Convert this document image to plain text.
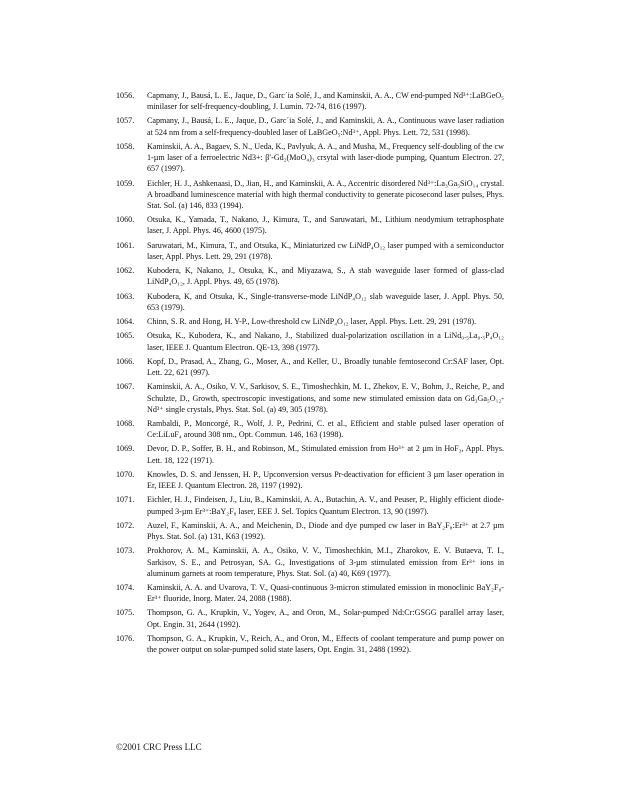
1056.	Capmany, J., Bausá, L. E., Jaque, D., Garc´ia Solé, J., and Kaminskii, A. A., CW end-pumped Nd³⁺:LaBGeO₅ minilaser for self-frequency-doubling, J. Lumin. 72-74, 816 (1997).
1057.	Capmany, J., Bausá, L. E., Jaque, D., Garc´ia Solé, J., and Kaminskii, A. A., Continuous wave laser radiation at 524 nm from a self-frequency-doubled laser of LaBGeO₅:Nd³⁺, Appl. Phys. Lett. 72, 531 (1998).
1058.	Kaminskii, A. A., Bagaev, S. N., Ueda, K., Pavlyuk, A. A., and Musha, M., Frequency self-doubling of the cw 1-µm laser of a ferroelectric Nd3+: β′-Gd₂(MoO₄)₃ crsytal with laser-diode pumping, Quantum Electron. 27, 657 (1997).
1059.	Eichler, H. J., Ashkenaasi, D., Jian, H., and Kaminskii, A. A., Accentric disordered Nd³⁺:La₃Ga₅SiO₁₄ crystal. A broadband luminescence material with high thermal conductivity to generate picosecond laser pulses, Phys. Stat. Sol. (a) 146, 833 (1994).
1060.	Otsuka, K., Yamada, T., Nakano, J., Kimura, T., and Saruwatari, M., Lithium neodymium tetraphosphate laser, J. Appl. Phys. 46, 4600 (1975).
1061.	Saruwatari, M., Kimura, T., and Otsuka, K., Miniaturized cw LiNdP₄O₁₂ laser pumped with a semiconductor laser, Appl. Phys. Lett. 29, 291 (1978).
1062.	Kubodera, K, Nakano, J., Otsuka, K., and Miyazawa, S., A stab waveguide laser formed of glass-clad LiNdP₄O₁₂, J. Appl. Phys. 49, 65 (1978).
1063.	Kubodera, K, and Otsuka, K., Single-transverse-mode LiNdP₄O₁₂ slab waveguide laser, J. Appl. Phys. 50, 653 (1979).
1064.	Chinn, S. R. and Hong, H. Y-P., Low-threshold cw LiNdP₄O₁₂ laser, Appl. Phys. Lett. 29, 291 (1978).
1065.	Otsuka, K., Kubodera, K., and Nakano, J., Stabilized dual-polarization oscillation in a LiNd₀.₅La₀.₅P₄O₁₂ laser, IEEE J. Quantum Electron. QE-13, 398 (1977).
1066.	Kopf, D., Prasad, A., Zhang, G., Moser, A., and Keller, U., Broadly tunable femtosecond Cr:SAF laser, Opt. Lett. 22, 621 (997).
1067.	Kaminskii, A. A., Osiko, V. V., Sarkisov, S. E., Timoshechkin, M. I., Zhekov, E. V., Bohm, J., Reiche, P., and Schulzte, D., Growth, spectroscopic investigations, and some new stimulated emission data on Gd₃Ga₅O₁₂-Nd³⁺ single crystals, Phys. Stat. Sol. (a) 49, 305 (1978).
1068.	Rambaldi, P., Moncorgé, R., Wolf, J. P., Pedrini, C. et al., Efficient and stable pulsed laser operation of Ce:LiLuF₄ around 308 nm., Opt. Commun. 146, 163 (1998).
1069.	Devor, D. P., Soffer, B. H., and Robinson, M., Stimulated emission from Ho³⁺ at 2 µm in HoF₃, Appl. Phys. Lett. 18, 122 (1971).
1070.	Knowles, D. S. and Jenssen, H. P., Upconversion versus Pr-deactivation for efficient 3 µm laser operation in Er, IEEE J. Quantum Electron. 28, 1197 (1992).
1071.	Eichler, H. J., Findeisen, J., Liu, B., Kaminskii, A. A., Butachin, A. V., and Peuser, P., Highly efficient diode-pumped 3-µm Er³⁺:BaY₂F₈ laser, EEE J. Sel. Topics Quantum Electron. 13, 90 (1997).
1072.	Auzel, F., Kaminskii, A. A., and Meichenin, D., Diode and dye pumped cw laser in BaY₂F₈:Er³⁺ at 2.7 µm Phys. Stat. Sol. (a) 131, K63 (1992).
1073.	Prokhorov, A. M., Kaminskii, A. A., Osiko, V. V., Timoshechkin, M.I., Zharokov, E. V. Butaeva, T. I., Sarkisov, S. E., and Petrosyan, SA. G., Investigations of 3-µm stimulated emission from Er³⁺ ions in aluminum garnets at room temperature, Phys. Stat. Sol. (a) 40, K69 (1977).
1074.	Kaminskii, A. A. and Uvarova, T. V., Quasi-continuous 3-micron stimulated emission in monoclinic BaY₂F₈-Er³⁺ fluoride, Inorg. Mater. 24, 2088 (1988).
1075.	Thompson, G. A., Krupkin, V., Yogev, A., and Oron, M., Solar-pumped Nd:Cr:GSGG parallel array laser, Opt. Engin. 31, 2644 (1992).
1076.	Thompson, G. A., Krupkin, V., Reich, A., and Oron, M., Effects of coolant temperature and pump power on the power output on solar-pumped solid state lasers, Opt. Engin. 31, 2488 (1992).
©2001 CRC Press LLC
